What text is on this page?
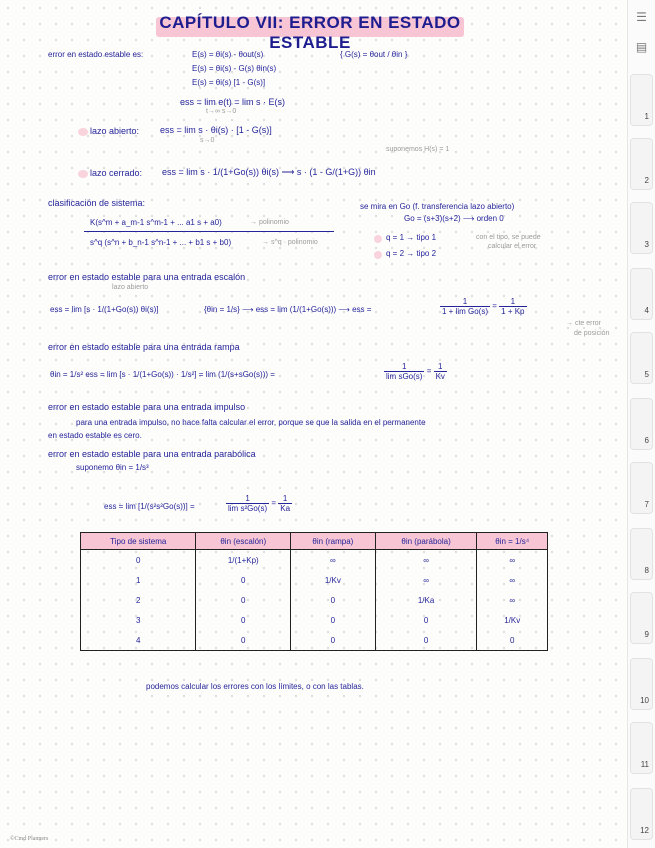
CAPÍTULO VII: ERROR EN ESTADO ESTABLE
error en estado estable es:	E(s) = θi(s) - θout(s)	{ G(s) = θout / θin }
E(s) = θi(s) - G(s) θin(s)
E(s) = θi(s) [1 - G(s)]
ess = lim e(t) = lim s · E(s)
t→∞ s→0
lazo abierto: ess = lim s · θi(s) · [1 - G(s)]
s→0
suponemos H(s) = 1
lazo cerrado: ess = lim s · 1/(1+Go(s)) θi(s) ⟶ s · (1 - G/(1+G)) θin
clasificación de sistema:
K(s^m + a_m-1 s^m-1 + ... a1 s + a0)	→ polinomio
s^q (s^n + b_n-1 s^n-1 + ... + b1 s + b0)	→ s^q · polinomio
se mira en Go (f. transferencia lazo abierto)
Go = (s+3)(s+2) ⟶ orden 0
q = 1 → tipo 1
q = 2 → tipo 2
con el tipo, se puede
calcular el error
error en estado estable para una entrada escalón
lazo abierto
ess = lim [s · 1/(1+Go(s)) θi(s)]	{θin = 1/s} ⟶ ess = lim (1/(1+Go(s))) ⟶ ess =	$\frac{1}{\text{1 + lim Go(s)}} = \frac{1}{1 + Kp}$
→ cte error
de posición
error en estado estable para una entrada rampa
θin = 1/s² ess = lim [s · 1/(1+Go(s)) · 1/s²] = lim (1/(s+sGo(s))) =	$\frac{1}{\text{lim sGo(s)}} = \frac{1}{Kv}$
error en estado estable para una entrada impulso
para una entrada impulso, no hace falta calcular el error, porque se que la salida en el permanente
en estado estable es cero.
error en estado estable para una entrada parabólica
suponemo θin = 1/s³
ess = lim [1/(s²s²Go(s))] =	$\frac{1}{\text{lim s²Go(s)}} = \frac{1}{Ka}$
Tipo de sistema	θin (escalón)	θin (rampa)	θin (parábola)	θin = 1/s⁴
0	1/(1+Kp)	∞	∞	∞
1	0	1/Kv	∞	∞
2	0	0	1/Ka	∞
3	0	0	0	1/Kv
4	0	0	0	0
podemos calcular los errores con los límites, o con las tablas.
©Cmd Planners
☰
▤
1
2
3
4
5
6
7
8
9
10
11
12
